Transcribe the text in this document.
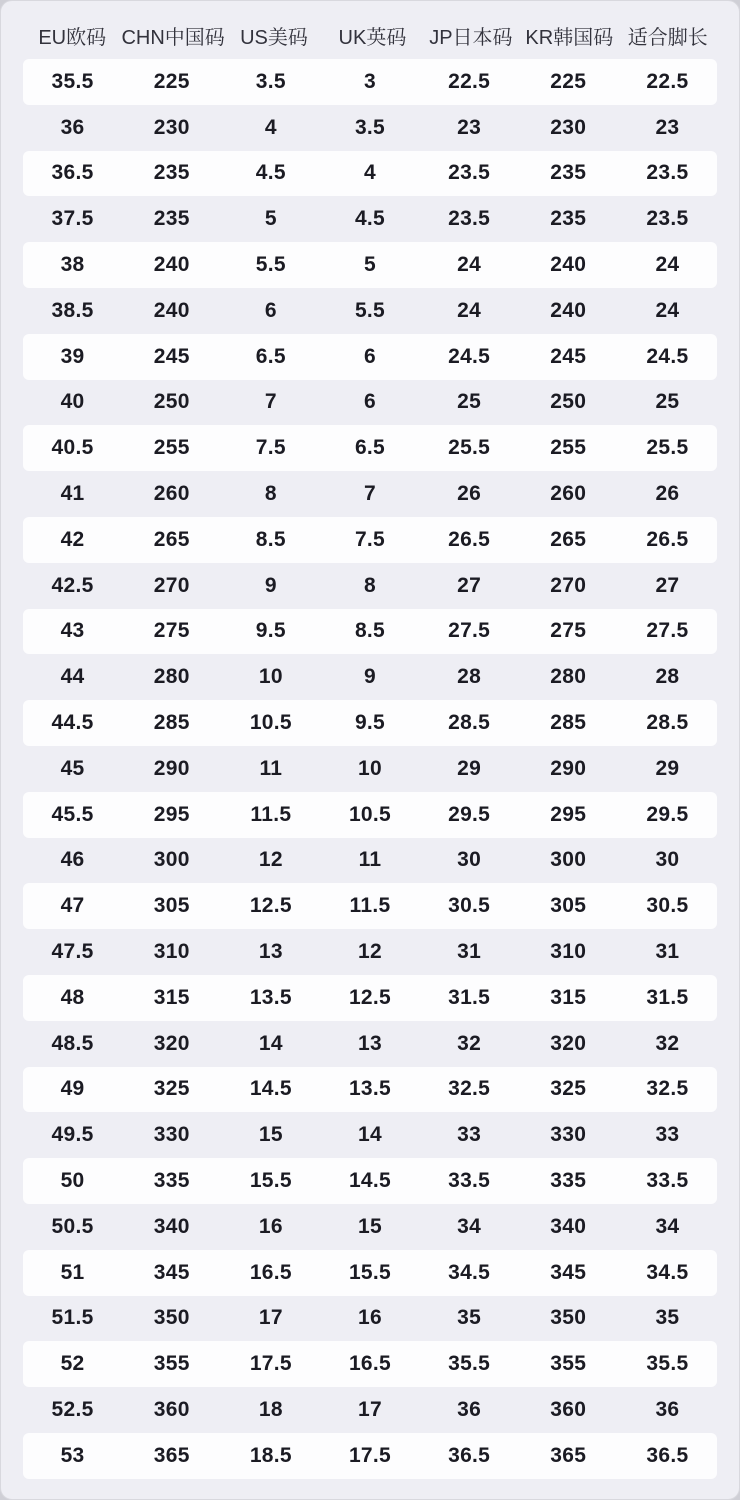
EU欧码 CHN中国码 US美码	UK英码	JP日本码 KR韩国码 适合脚长
35.5	225	3.5	3	22.5	225	22.5
36	230	4	3.5	23	230	23
36.5	235	4.5	4	23.5	235	23.5
37.5	235	5	4.5	23.5	235	23.5
38	240	5.5	5	24	240	24
38.5	240	6	5.5	24	240	24
39	245	6.5	6	24.5	245	24.5
40	250	7	6	25	250	25
40.5	255	7.5	6.5	25.5	255	25.5
41	260	8	7	26	260	26
42	265	8.5	7.5	26.5	265	26.5
42.5	270	9	8	27	270	27
43	275	9.5	8.5	27.5	275	27.5
44	280	10	9	28	280	28
44.5	285	10.5	9.5	28.5	285	28.5
45	290	11	10	29	290	29
45.5	295	11.5	10.5	29.5	295	29.5
46	300	12	11	30	300	30
47	305	12.5	11.5	30.5	305	30.5
47.5	310	13	12	31	310	31
48	315	13.5	12.5	31.5	315	31.5
48.5	320	14	13	32	320	32
49	325	14.5	13.5	32.5	325	32.5
49.5	330	15	14	33	330	33
50	335	15.5	14.5	33.5	335	33.5
50.5	340	16	15	34	340	34
51	345	16.5	15.5	34.5	345	34.5
51.5	350	17	16	35	350	35
52	355	17.5	16.5	35.5	355	35.5
52.5	360	18	17	36	360	36
53	365	18.5	17.5	36.5	365	36.5
